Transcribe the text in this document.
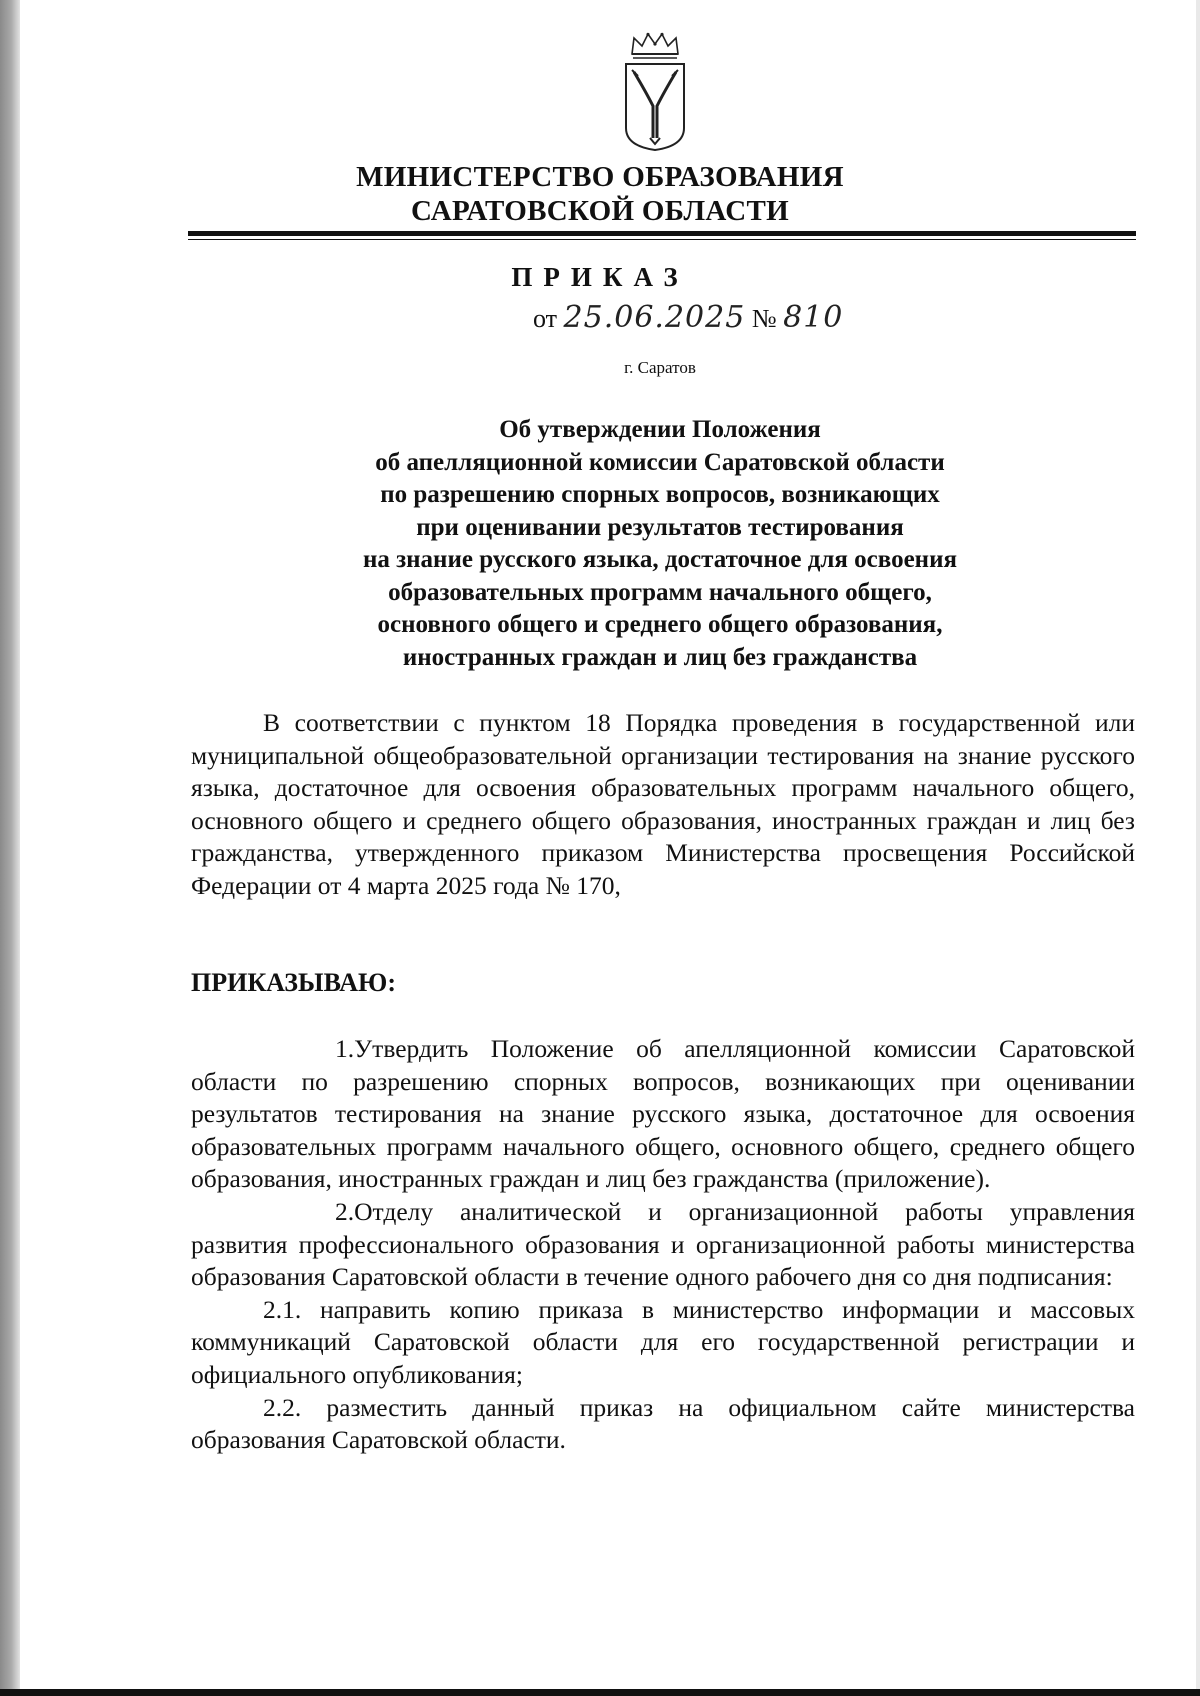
МИНИСТЕРСТВО ОБРАЗОВАНИЯ
САРАТОВСКОЙ ОБЛАСТИ
ПРИКАЗ
от 25.06.2025 № 810
г. Саратов
Об утверждении Положения
об апелляционной комиссии Саратовской области
по разрешению спорных вопросов, возникающих
при оценивании результатов тестирования
на знание русского языка, достаточное для освоения
образовательных программ начального общего,
основного общего и среднего общего образования,
иностранных граждан и лиц без гражданства

В соответствии с пунктом 18 Порядка проведения в государственной или муниципальной общеобразовательной организации тестирования на знание русского языка, достаточное для освоения образовательных программ начального общего, основного общего и среднего общего образования, иностранных граждан и лиц без гражданства, утвержденного приказом Министерства просвещения Российской Федерации от 4 марта 2025 года № 170,

ПРИКАЗЫВАЮ:

1.Утвердить Положение об апелляционной комиссии Саратовской области по разрешению спорных вопросов, возникающих при оценивании результатов тестирования на знание русского языка, достаточное для освоения образовательных программ начального общего, основного общего, среднего общего образования, иностранных граждан и лиц без гражданства (приложение).

2.Отделу аналитической и организационной работы управления развития профессионального образования и организационной работы министерства образования Саратовской области в течение одного рабочего дня со дня подписания:

2.1. направить копию приказа в министерство информации и массовых коммуникаций Саратовской области для его государственной регистрации и официального опубликования;

2.2. разместить данный приказ на официальном сайте министерства образования Саратовской области.
